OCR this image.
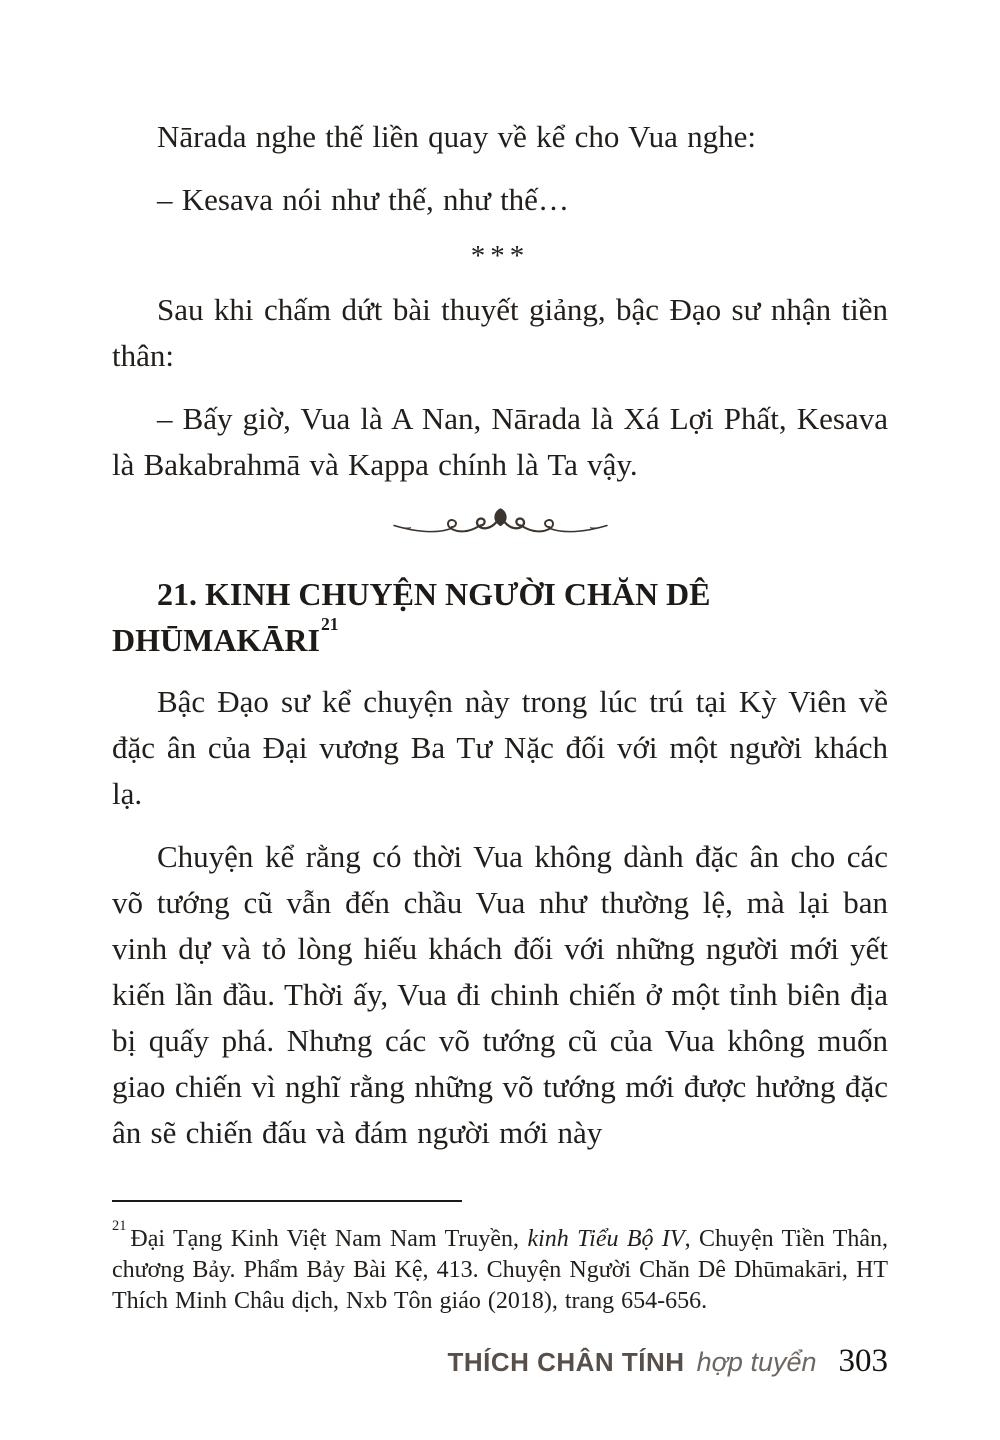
Nārada nghe thế liền quay về kể cho Vua nghe:

– Kesava nói như thế, như thế…

***

Sau khi chấm dứt bài thuyết giảng, bậc Đạo sư nhận tiền thân:

– Bấy giờ, Vua là A Nan, Nārada là Xá Lợi Phất, Kesava là Bakabrahmā và Kappa chính là Ta vậy.

21. KINH CHUYỆN NGƯỜI CHĂN DÊ DHŪMAKĀRI$^{21}$

Bậc Đạo sư kể chuyện này trong lúc trú tại Kỳ Viên về đặc ân của Đại vương Ba Tư Nặc đối với một người khách lạ.

Chuyện kể rằng có thời Vua không dành đặc ân cho các võ tướng cũ vẫn đến chầu Vua như thường lệ, mà lại ban vinh dự và tỏ lòng hiếu khách đối với những người mới yết kiến lần đầu. Thời ấy, Vua đi chinh chiến ở một tỉnh biên địa bị quấy phá. Nhưng các võ tướng cũ của Vua không muốn giao chiến vì nghĩ rằng những võ tướng mới được hưởng đặc ân sẽ chiến đấu và đám người mới này

$^{21}$Đại Tạng Kinh Việt Nam Nam Truyền, kinh Tiểu Bộ IV, Chuyện Tiền Thân, chương Bảy. Phẩm Bảy Bài Kệ, 413. Chuyện Người Chăn Dê Dhūmakāri, HT Thích Minh Châu dịch, Nxb Tôn giáo (2018), trang 654-656.

THÍCH CHÂN TÍNH hợp tuyển 303
